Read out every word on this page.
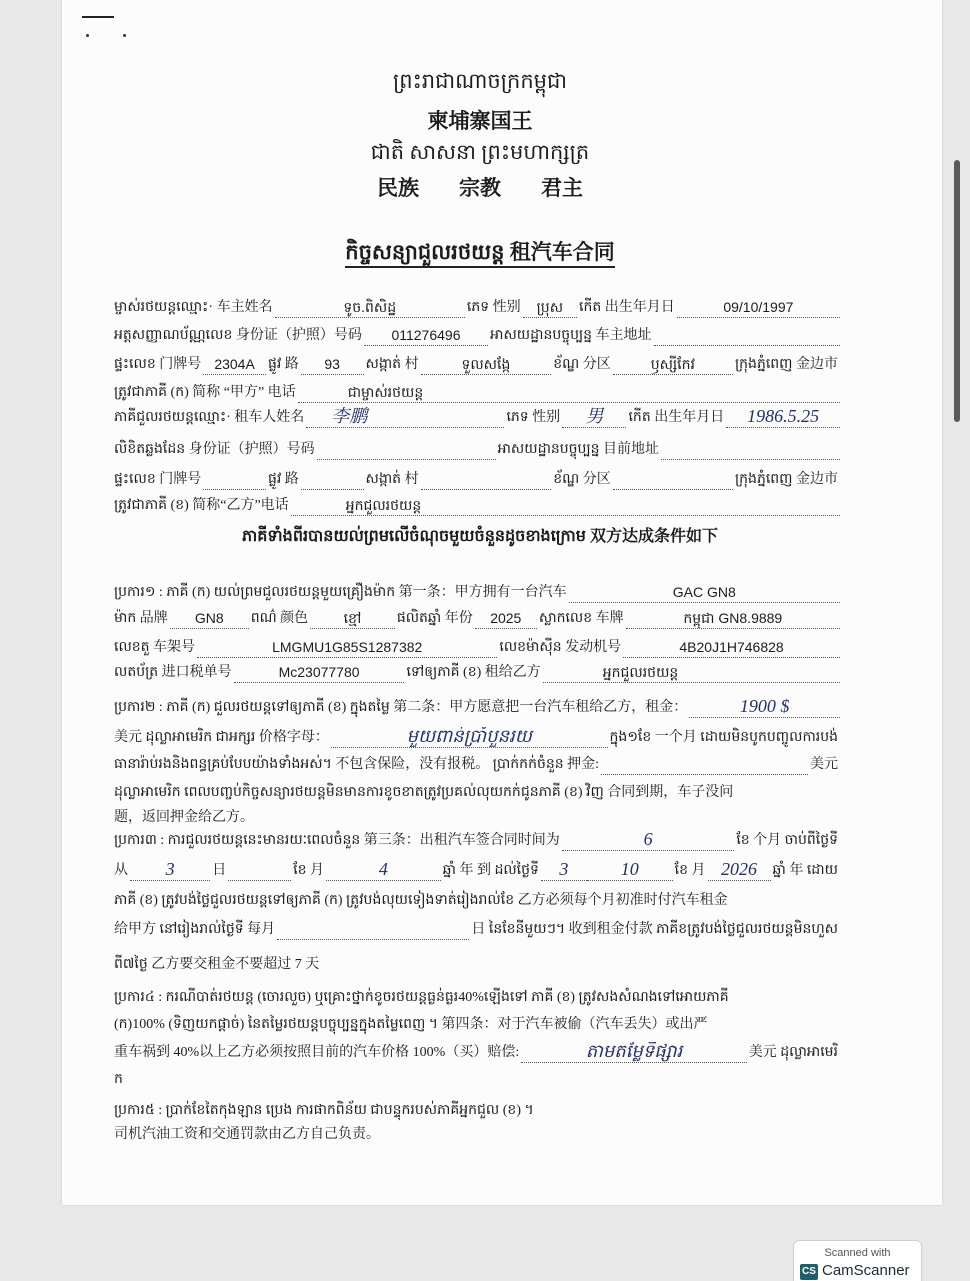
ព្រះរាជាណាចក្រកម្ពុជា
柬埔寨国王
ជាតិ សាសនា ព្រះមហាក្សត្រ
民族 宗教 君主
កិច្ចសន្យាជួលរថយន្ត 租汽车合同
ម្ចាស់រថយន្តឈ្មោះ· 车主姓名	ទូច.ពិសិដ្ឋ	ភេទ 性别	ប្រុស	កើត 出生年月日	09/10/1997
អត្តសញ្ញាណប័ណ្ណលេខ 身份证（护照）号码	011276496	អាសយដ្ឋានបច្ចុប្បន្ន 车主地址
ផ្ទះលេខ 门牌号 2304A ផ្លូវ 路	93	សង្កាត់ 村	ទួលសង្កែ	ខ័ណ្ឌ 分区	ឫស្សីកែវ	ក្រុងភ្នំពេញ 金边市
ត្រូវជាភាគី (ក) 简称 “甲方” 电话	ជាម្ចាស់រថយន្ត
ភាគីជួលរថយន្តឈ្មោះ· 租车人姓名	李鹏	ភេទ 性别	男	កើត 出生年月日	1986.5.25
លិខិតឆ្លងដែន 身份证（护照）号码	អាសយដ្ឋានបច្ចុប្បន្ន 目前地址
ផ្ទះលេខ 门牌号	ផ្លូវ 路	សង្កាត់ 村	ខ័ណ្ឌ 分区	ក្រុងភ្នំពេញ 金边市
ត្រូវជាភាគី (ខ) 简称“乙方”电话	អ្នកជួលរថយន្ត
ភាគីទាំងពីរបានយល់ព្រមលើចំណុចមួយចំនួនដូចខាងក្រោម 双方达成条件如下
ប្រការ១ : ភាគី (ក) យល់ព្រមជួលរថយន្តមួយគ្រឿងម៉ាក 第一条：甲方拥有一台汽车	GAC GN8
ម៉ាក 品牌	GN8	ពណ៌ 颜色	ខ្មៅ	ផលិតឆ្នាំ 年份	2025	ស្លាកលេខ 车牌	កម្ពុជា GN8.9889
លេខតួ 车架号	LMGMU1G85S1287382	លេខម៉ាស៊ីន 发动机号	4B20J1H746828
លតប័ត្រ 进口税单号	Mc23077780	ទៅឲ្យភាគី (ខ) 租给乙方	អ្នកជួលរថយន្ត
ប្រការ២ : ភាគី (ក) ជួលរថយន្តទៅឲ្យភាគី (ខ) ក្នុងតម្លៃ 第二条：甲方愿意把一台汽车租给乙方，租金：	1900 $
美元 ដុល្លាអាមេរិក ជាអក្សរ 价格字母：	មួយពាន់ប្រាំបួនរយ	ក្នុង១ខែ 一个月 ដោយមិនបូកបញ្ចូលការបង់
ធានារ៉ាប់រងនិងពន្ធគ្រប់បែបយ៉ាងទាំងអស់។ 不包含保险，没有报税。 ប្រាក់កក់ចំនួន 押金:	美元
ដុល្លាអាមេរិក ពេលបញ្ចប់កិច្ចសន្យារថយន្តមិនមានការខូចខាតត្រូវប្រគល់លុយកក់ជូនភាគី (ខ) វិញ 合同到期，车子没问
题，返回押金给乙方。
ប្រការ៣ : ការជួលរថយន្តនេះមានរយៈពេលចំនួន 第三条：出租汽车签合同时间为	6	ខែ 个月 ចាប់ពីថ្ងៃទី
从	3	日	ខែ 月	4	ឆ្នាំ 年 到 ដល់ថ្ងៃទី	3	10	ខែ 月 2026	ឆ្នាំ 年 ដោយ
ភាគី (ខ) ត្រូវបង់ថ្លៃជួលរថយន្តទៅឲ្យភាគី (ក) ត្រូវបង់លុយទៀងទាត់រៀងរាល់ខែ 乙方必须每个月初准时付汽车租金
给甲方 នៅរៀងរាល់ថ្ងៃទី 每月	日 នៃខែនីមួយៗ។ 收到租金付款 ភាគីខត្រូវបង់ថ្លៃជួលរថយន្តមិនហួស
ពី៧ថ្ងៃ 乙方要交租金不要超过 7 天
ប្រការ៤ : ករណីបាត់រថយន្ត (ចោរលួច) ឬគ្រោះថ្នាក់ខូចរថយន្តធ្ងន់ធ្ងរ40%ឡើងទៅ ភាគី (ខ) ត្រូវសងសំណងទៅអោយភាគី
(ក)100% (ទិញយកផ្តាច់) នៃតម្លៃរថយន្តបច្ចុប្បន្នក្នុងតម្លៃពេញ ។ 第四条：对于汽车被偷（汽车丢失）或出严
重车祸到 40%以上乙方必须按照目前的汽车价格 100%（买）赔偿:	តាមតម្លៃទីផ្សារ	美元 ដុល្លាអាមេរិ
ក
ប្រការ៥ : ប្រាក់ខែតៃកុងឡាន ប្រេង ការផាកពិន័យ ជាបន្ទុករបស់ភាគីអ្នកជួល (ខ) ។
司机汽油工资和交通罚款由乙方自己负责。
Scanned with
CS CamScanner
